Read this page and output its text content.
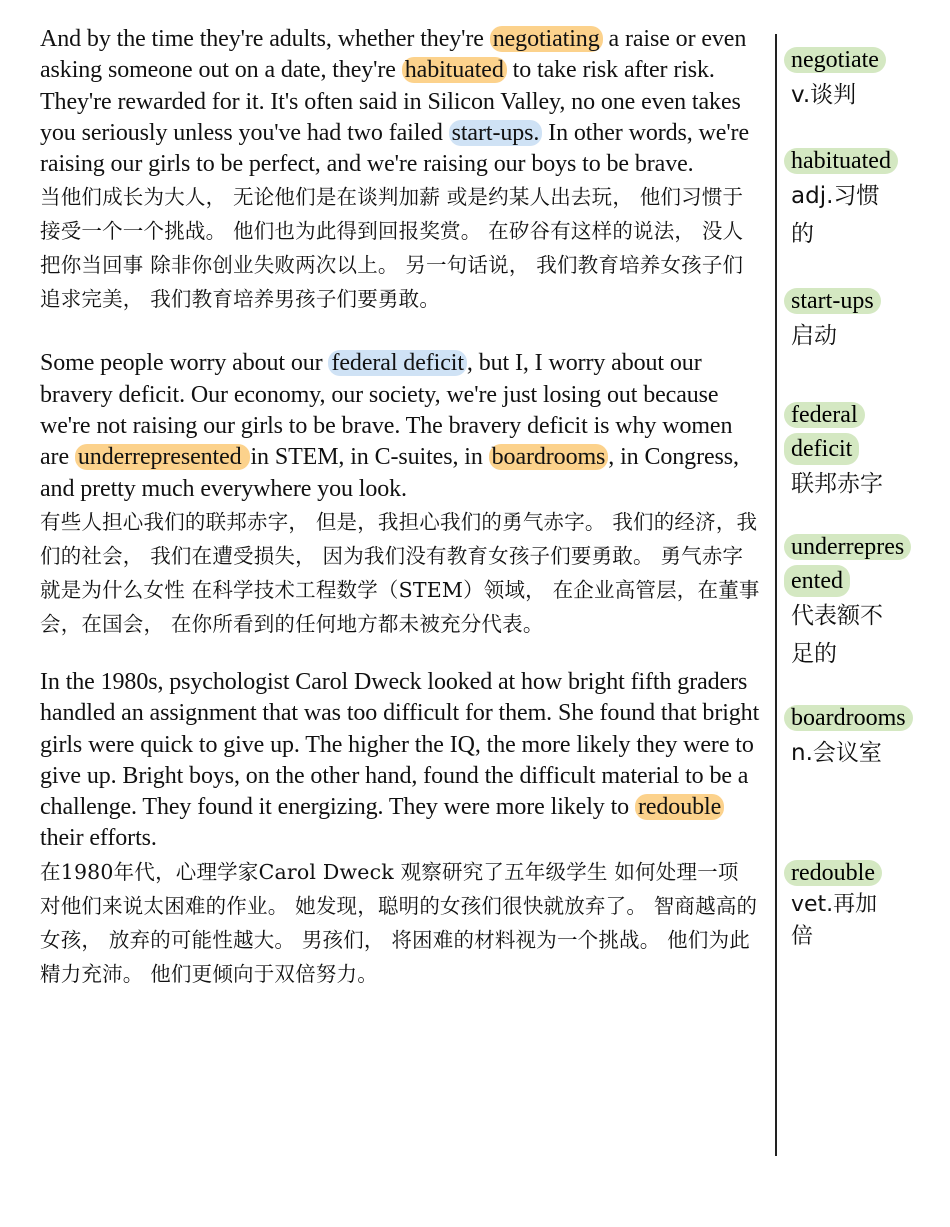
And by the time they're adults, whether they're negotiating a raise or even asking someone out on a date, they're habituated to take risk after risk. They're rewarded for it. It's often said in Silicon Valley, no one even takes you seriously unless you've had two failed start-ups. In other words, we're raising our girls to be perfect, and we're raising our boys to be brave.

当他们成长为大人， 无论他们是在谈判加薪 或是约某人出去玩， 他们习惯于接受一个一个挑战。 他们也为此得到回报奖赏。 在矽谷有这样的说法， 没人把你当回事 除非你创业失败两次以上。 另一句话说， 我们教育培养女孩子们追求完美， 我们教育培养男孩子们要勇敢。

Some people worry about our federal deficit , but I, I worry about our bravery deficit. Our economy, our society, we're just losing out because we're not raising our girls to be brave. The bravery deficit is why women are underrepresented in STEM, in C-suites, in boardrooms , in Congress, and pretty much everywhere you look.

有些人担心我们的联邦赤字， 但是，我担心我们的勇气赤字。 我们的经济，我们的社会， 我们在遭受损失， 因为我们没有教育女孩子们要勇敢。 勇气赤字就是为什么女性 在科学技术工程数学（STEM）领域， 在企业高管层，在董事会，在国会， 在你所看到的任何地方都未被充分代表。

In the 1980s, psychologist Carol Dweck looked at how bright fifth graders handled an assignment that was too difficult for them. She found that bright girls were quick to give up. The higher the IQ, the more likely they were to give up. Bright boys, on the other hand, found the difficult material to be a challenge. They found it energizing. They were more likely to redouble their efforts.

在1980年代，心理学家Carol Dweck 观察研究了五年级学生 如何处理一项 对他们来说太困难的作业。 她发现，聪明的女孩们很快就放弃了。 智商越高的女孩， 放弃的可能性越大。 男孩们， 将困难的材料视为一个挑战。 他们为此精力充沛。 他们更倾向于双倍努力。

negotiate
v.谈判
habituated
adj.习惯
的
start-ups
启动
federal
deficit
联邦赤字
underrepres
ented
代表额不
足的
boardrooms
n.会议室
redouble
vet.再加
倍
